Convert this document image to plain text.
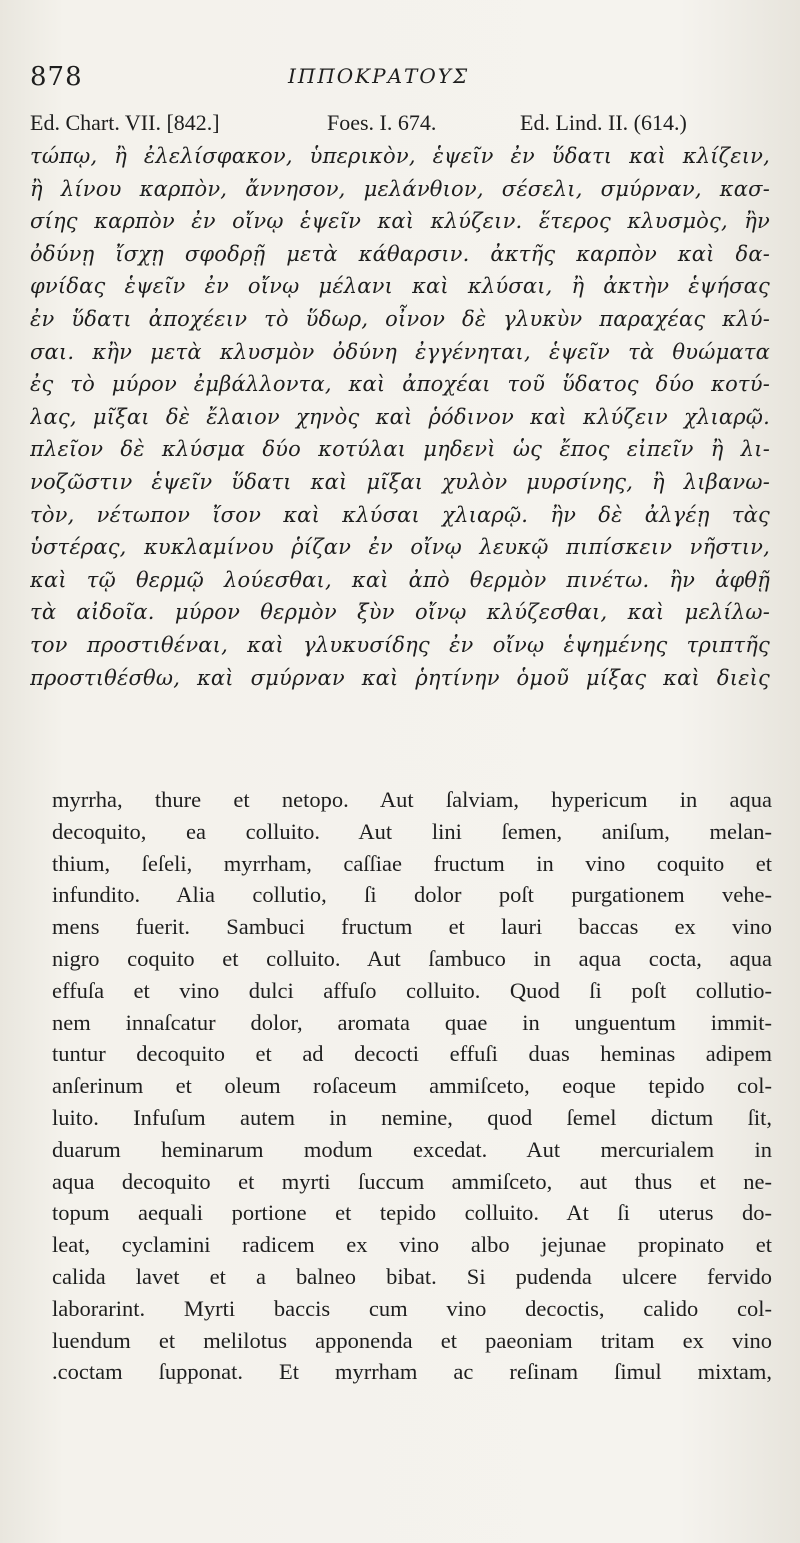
878	ΙΠΠΟΚΡΑΤΟΥΣ
Ed. Chart. VII. [842.]	Foes. I. 674.	Ed. Lind. II. (614.)
τώπῳ, ἢ ἐλελίσφακον, ὑπερικὸν, ἑψεῖν ἐν ὕδατι καὶ κλίζειν,
ἢ λίνου καρπὸν, ἄννησον, μελάνθιον, σέσελι, σμύρναν, κασ-
σίης καρπὸν ἐν οἴνῳ ἑψεῖν καὶ κλύζειν. ἕτερος κλυσμὸς, ἢν
ὀδύνῃ ἴσχῃ σφοδρῇ μετὰ κάθαρσιν. ἀκτῆς καρπὸν καὶ δα-
φνίδας ἑψεῖν ἐν οἴνῳ μέλανι καὶ κλύσαι, ἢ ἀκτὴν ἑψήσας
ἐν ὕδατι ἀποχέειν τὸ ὕδωρ, οἶνον δὲ γλυκὺν παραχέας κλύ-
σαι. κἢν μετὰ κλυσμὸν ὀδύνη ἐγγένηται, ἑψεῖν τὰ θυώματα
ἐς τὸ μύρον ἐμβάλλοντα, καὶ ἀποχέαι τοῦ ὕδατος δύο κοτύ-
λας, μῖξαι δὲ ἔλαιον χηνὸς καὶ ῥόδινον καὶ κλύζειν χλιαρῷ.
πλεῖον δὲ κλύσμα δύο κοτύλαι μηδενὶ ὡς ἔπος εἰπεῖν ἢ λι-
νοζῶστιν ἑψεῖν ὕδατι καὶ μῖξαι χυλὸν μυρσίνης, ἢ λιβανω-
τὸν, νέτωπον ἴσον καὶ κλύσαι χλιαρῷ. ἢν δὲ ἀλγέῃ τὰς
ὑστέρας, κυκλαμίνου ῥίζαν ἐν οἴνῳ λευκῷ πιπίσκειν νῆστιν,
καὶ τῷ θερμῷ λούεσθαι, καὶ ἀπὸ θερμὸν πινέτω. ἢν ἀφθῇ
τὰ αἰδοῖα. μύρον θερμὸν ξὺν οἴνῳ κλύζεσθαι, καὶ μελίλω-
τον προστιθέναι, καὶ γλυκυσίδης ἐν οἴνῳ ἑψημένης τριπτῆς
προστιθέσθω, καὶ σμύρναν καὶ ῥητίνην ὁμοῦ μίξας καὶ διεὶς
myrrha, thure et netopo. Aut ſalviam, hypericum in aqua
decoquito, ea colluito. Aut lini ſemen, aniſum, melan-
thium, ſeſeli, myrrham, caſſiae fructum in vino coquito et
infundito. Alia collutio, ſi dolor poſt purgationem vehe-
mens fuerit. Sambuci fructum et lauri baccas ex vino
nigro coquito et colluito. Aut ſambuco in aqua cocta, aqua
effuſa et vino dulci affuſo colluito. Quod ſi poſt collutio-
nem innaſcatur dolor, aromata quae in unguentum immit-
tuntur decoquito et ad decocti effuſi duas heminas adipem
anſerinum et oleum roſaceum ammiſceto, eoque tepido col-
luito. Infuſum autem in nemine, quod ſemel dictum ſit,
duarum heminarum modum excedat. Aut mercurialem in
aqua decoquito et myrti ſuccum ammiſceto, aut thus et ne-
topum aequali portione et tepido colluito. At ſi uterus do-
leat, cyclamini radicem ex vino albo jejunae propinato et
calida lavet et a balneo bibat. Si pudenda ulcere fervido
laborarint. Myrti baccis cum vino decoctis, calido col-
luendum et melilotus apponenda et paeoniam tritam ex vino
.coctam ſupponat. Et myrrham ac reſinam ſimul mixtam,
